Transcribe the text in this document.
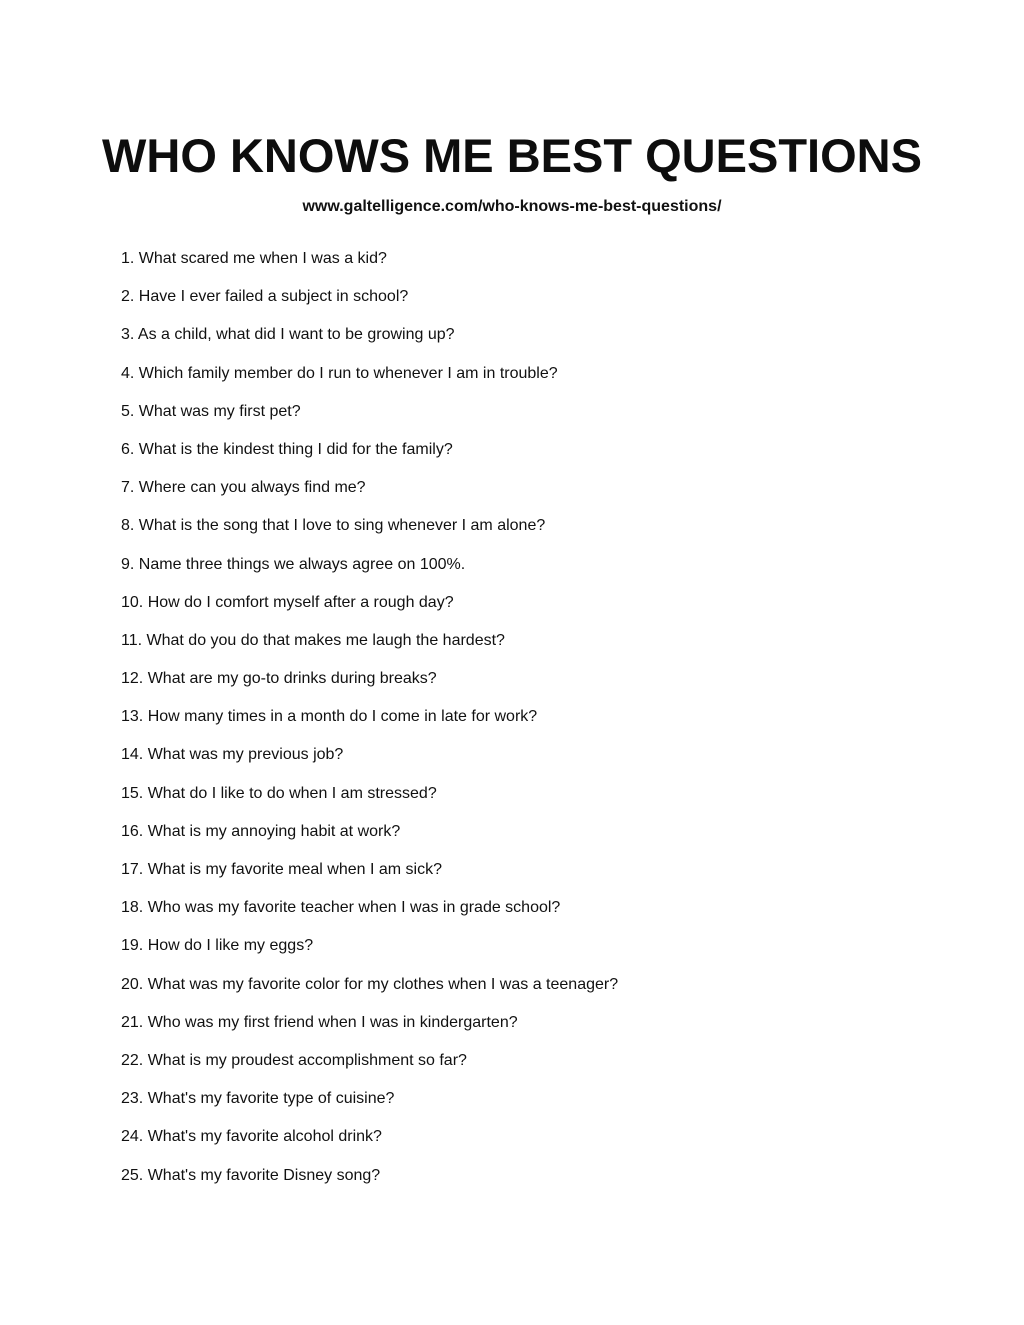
WHO KNOWS ME BEST QUESTIONS

www.galtelligence.com/who-knows-me-best-questions/

1. What scared me when I was a kid?
2. Have I ever failed a subject in school?
3. As a child, what did I want to be growing up?
4. Which family member do I run to whenever I am in trouble?
5. What was my first pet?
6. What is the kindest thing I did for the family?
7. Where can you always find me?
8. What is the song that I love to sing whenever I am alone?
9. Name three things we always agree on 100%.
10. How do I comfort myself after a rough day?
11. What do you do that makes me laugh the hardest?
12. What are my go-to drinks during breaks?
13. How many times in a month do I come in late for work?
14. What was my previous job?
15. What do I like to do when I am stressed?
16. What is my annoying habit at work?
17. What is my favorite meal when I am sick?
18. Who was my favorite teacher when I was in grade school?
19. How do I like my eggs?
20. What was my favorite color for my clothes when I was a teenager?
21. Who was my first friend when I was in kindergarten?
22. What is my proudest accomplishment so far?
23. What's my favorite type of cuisine?
24. What's my favorite alcohol drink?
25. What's my favorite Disney song?
